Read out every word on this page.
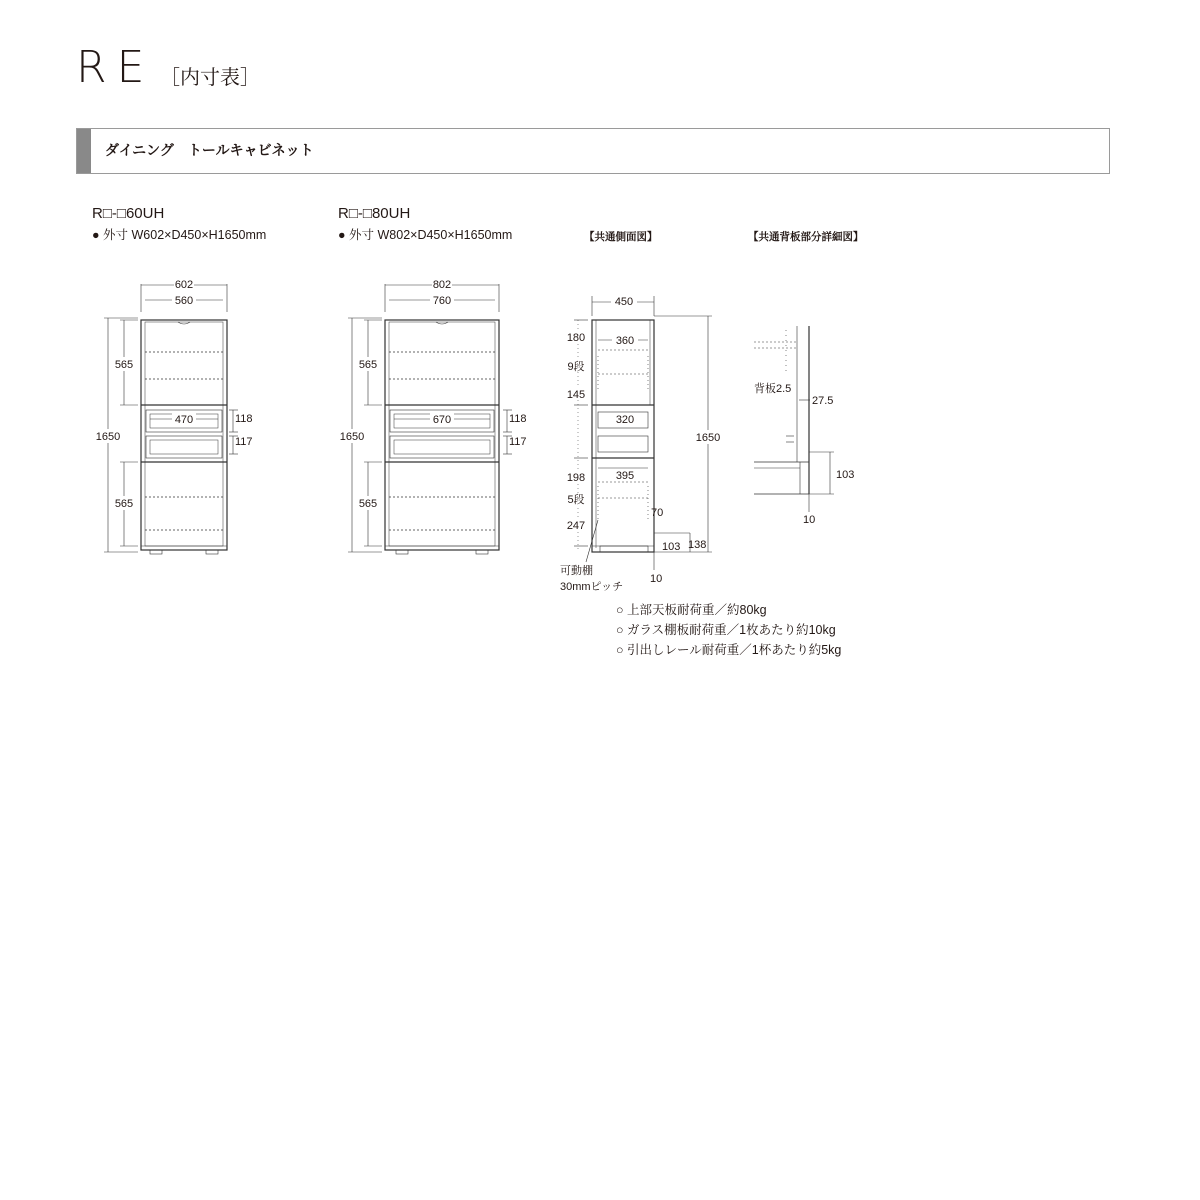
RE ［内寸表］
ダイニング　トールキャビネット
R□-□60UH
● 外寸 W602×D450×H1650mm
R□-□80UH
● 外寸 W802×D450×H1650mm	【共通側面図】	【共通背板部分詳細図】
602
560
565
1650
470	118
117
565
802
760
565
1650
670	118
117
565
450
180	360
9段
145
320
1650
198	395
5段
247
70
103 138
10
可動棚
30mmピッチ
背板2.5
27.5
103
10
○ 上部天板耐荷重／約80kg
○ ガラス棚板耐荷重／1枚あたり約10kg
○ 引出しレール耐荷重／1杯あたり約5kg
